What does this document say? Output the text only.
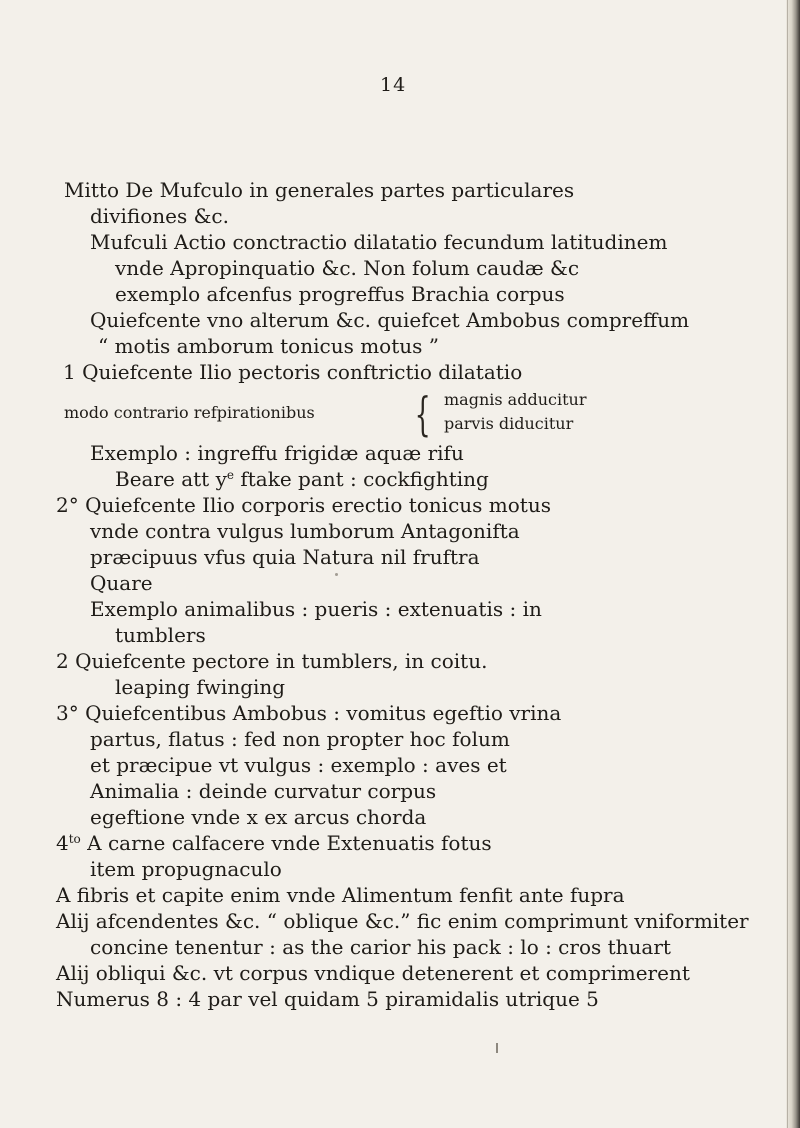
14
Mitto De Mufculo in generales partes particulares
divifiones &c.
Mufculi Actio conctractio dilatatio fecundum latitudinem
vnde Apropinquatio &c. Non folum caudæ &c
exemplo afcenfus progreffus Brachia corpus
Quiefcente vno alterum &c. quiefcet Ambobus compreffum
“ motis amborum tonicus motus ”
1 Quiefcente Ilio pectoris conftrictio dilatatio
modo contrario refpirationibus { magnis adducitur
parvis diducitur
Exemplo : ingreffu frigidæ aquæ rifu
Beare att $y^e$ ftake pant : cockfighting
2° Quiefcente Ilio corporis erectio tonicus motus
vnde contra vulgus lumborum Antagonifta
præcipuus vfus quia Natura nil fruftra
Quare
Exemplo animalibus : pueris : extenuatis : in
tumblers
2 Quiefcente pectore in tumblers, in coitu.
leaping fwinging
3° Quiefcentibus Ambobus : vomitus egeftio vrina
partus, flatus : fed non propter hoc folum
et præcipue vt vulgus : exemplo : aves et
Animalia : deinde curvatur corpus
egeftione vnde x ex arcus chorda
$4^{to}$ A carne calfacere vnde Extenuatis fotus
item propugnaculo
A fibris et capite enim vnde Alimentum fenfit ante fupra
Alij afcendentes &c. “ oblique &c.” fic enim comprimunt vniformiter
concine tenentur : as the carior his pack : lo : cros thuart
Alij obliqui &c. vt corpus vndique detenerent et comprimerent
Numerus 8 : 4 par vel quidam 5 piramidalis utrique 5
